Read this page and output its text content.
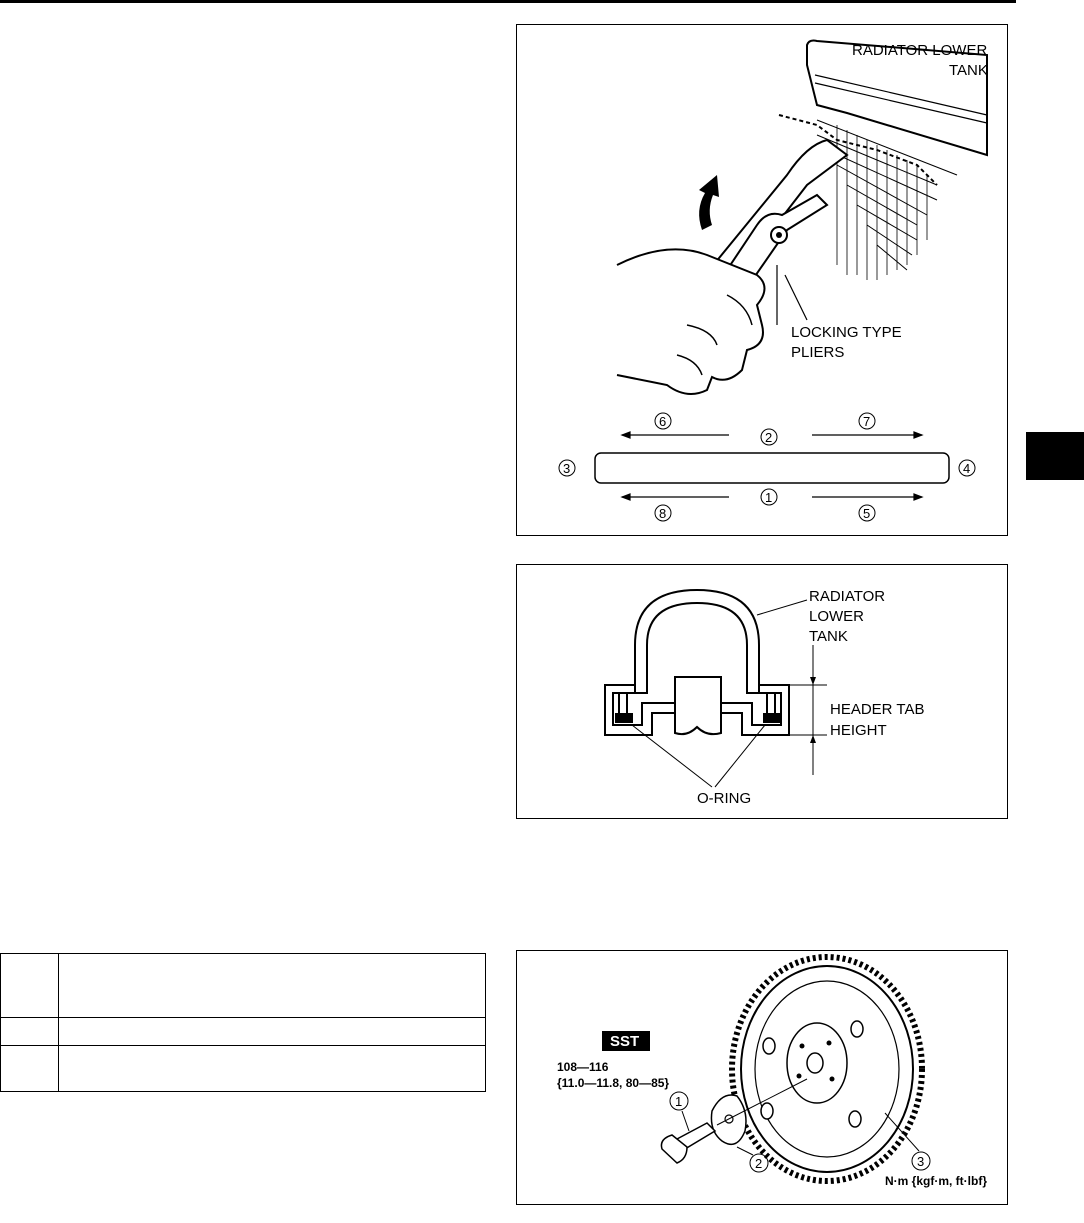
RADIATOR LOWER
TANK
LOCKING TYPE
PLIERS
1
2
3	4
5
6	7
8
RADIATOR
LOWER
TANK
HEADER TAB
HEIGHT
O-RING

SST
108—116
{11.0—11.8, 80—85}
1
2	3
N·m {kgf·m, ft·lbf}
